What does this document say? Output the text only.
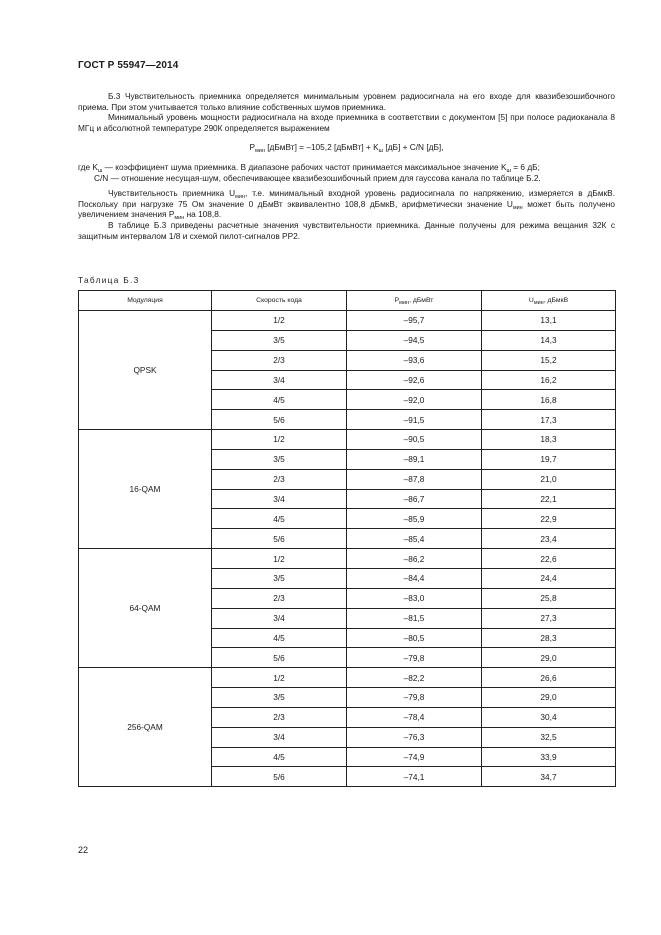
ГОСТ Р 55947—2014

Б.3 Чувствительность приемника определяется минимальным уровнем радиосигнала на его входе для квазибезошибочного приема. При этом учитывается только влияние собственных шумов приемника.

Минимальный уровень мощности радиосигнала на входе приемника в соответствии с документом [5] при полосе радиоканала 8 МГц и абсолютной температуре 290К определяется выражением

$P_{мин}$ [дБмВт] = –105,2 [дБмВт] + $K_ш$ [дБ] + C/N [дБ],

где $K_ш$ — коэффициент шума приемника. В диапазоне рабочих частот принимается максимальное значение $K_ш = 6$ дБ;

C/N — отношение несущая-шум, обеспечивающее квазибезошибочный прием для гауссова канала по таблице Б.2.

Чувствительность приемника $U_{мин}$, т.е. минимальный входной уровень радиосигнала по напряжению, измеряется в дБмкВ. Поскольку при нагрузке 75 Ом значение 0 дБмВт эквивалентно 108,8 дБмкВ, арифметически значение $U_{мин}$ может быть получено увеличением значения $P_{мин}$ на 108,8.

В таблице Б.3 приведены расчетные значения чувствительности приемника. Данные получены для режима вещания 32К с защитным интервалом 1/8 и схемой пилот-сигналов PP2.

Таблица Б.3
Модуляция	Скорость кода	$P_{мин}$, дБмВт	$U_{мин}$, дБмкВ
QPSK	1/2	–95,7	13,1
	3/5	–94,5	14,3
	2/3	–93,6	15,2
	3/4	–92,6	16,2
	4/5	–92,0	16,8
	5/6	–91,5	17,3
16-QAM	1/2	–90,5	18,3
	3/5	–89,1	19,7
	2/3	–87,8	21,0
	3/4	–86,7	22,1
	4/5	–85,9	22,9
	5/6	–85,4	23,4
64-QAM	1/2	–86,2	22,6
	3/5	–84,4	24,4
	2/3	–83,0	25,8
	3/4	–81,5	27,3
	4/5	–80,5	28,3
	5/6	–79,8	29,0
256-QAM	1/2	–82,2	26,6
	3/5	–79,8	29,0
	2/3	–78,4	30,4
	3/4	–76,3	32,5
	4/5	–74,9	33,9
	5/6	–74,1	34,7
22
